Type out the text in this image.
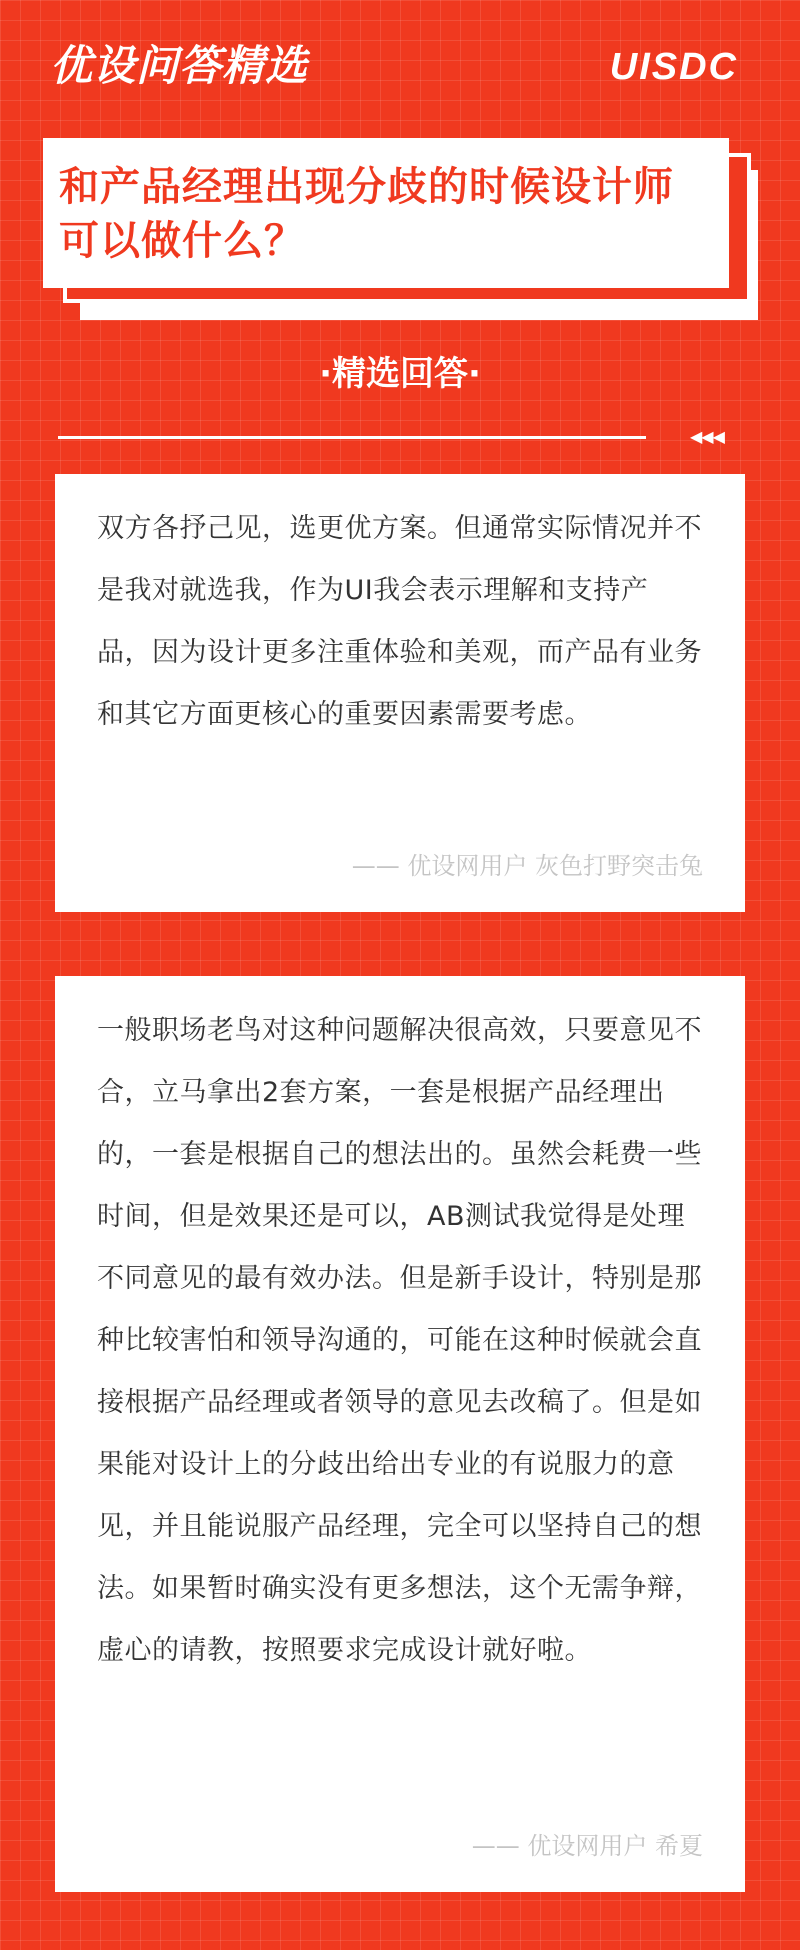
优设问答精选	UISDC
和产品经理出现分歧的时候设计师可以做什么？
·精选回答·
◀◀◀
双方各抒己见，选更优方案。但通常实际情况并不是我对就选我，作为UI我会表示理解和支持产品，因为设计更多注重体验和美观，而产品有业务和其它方面更核心的重要因素需要考虑。
—— 优设网用户 灰色打野突击兔
一般职场老鸟对这种问题解决很高效，只要意见不合，立马拿出2套方案，一套是根据产品经理出的，一套是根据自己的想法出的。虽然会耗费一些时间，但是效果还是可以，AB测试我觉得是处理不同意见的最有效办法。但是新手设计，特别是那种比较害怕和领导沟通的，可能在这种时候就会直接根据产品经理或者领导的意见去改稿了。但是如果能对设计上的分歧出给出专业的有说服力的意见，并且能说服产品经理，完全可以坚持自己的想法。如果暂时确实没有更多想法，这个无需争辩，虚心的请教，按照要求完成设计就好啦。
—— 优设网用户 希夏
